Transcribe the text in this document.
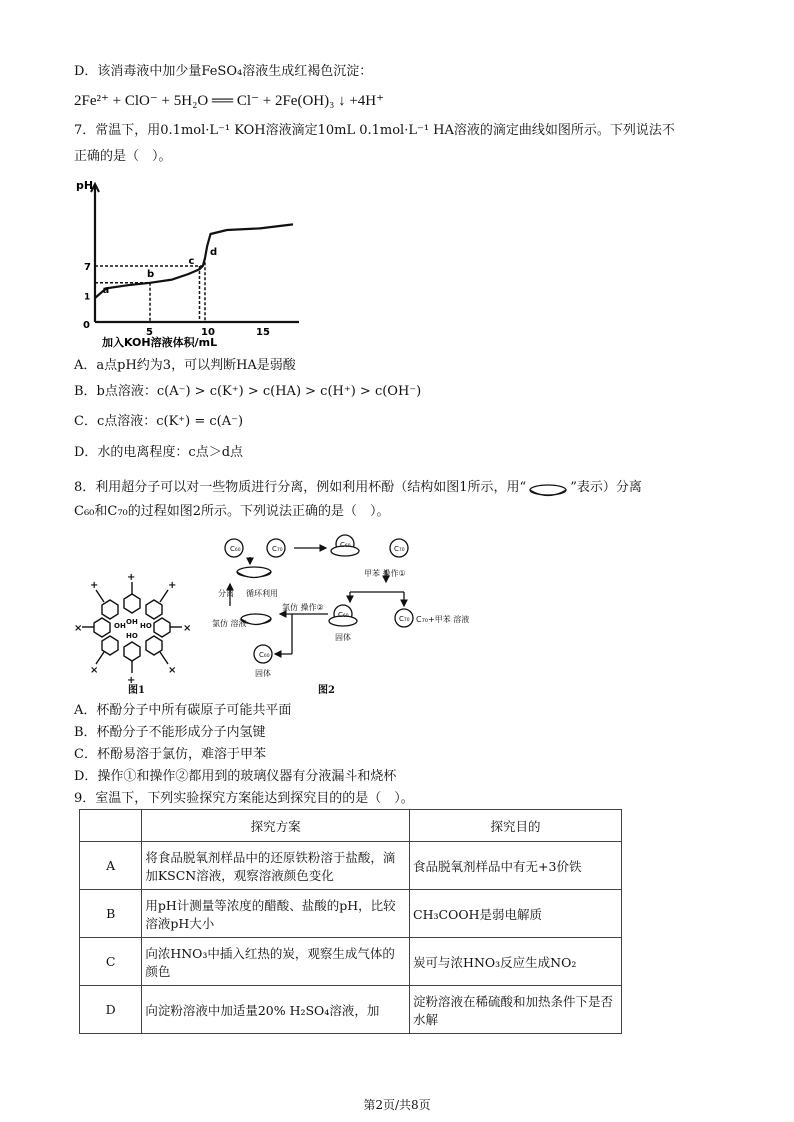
D．该消毒液中加少量FeSO₄溶液生成红褐色沉淀：
2Fe²⁺ + ClO⁻ + 5H₂O ══ Cl⁻ + 2Fe(OH)₃ ↓ +4H⁺
7．常温下，用0.1mol·L⁻¹ KOH溶液滴定10mL 0.1mol·L⁻¹ HA溶液的滴定曲线如图所示。下列说法不
正确的是（　）。
pH
加入KOH溶液体积/mL
0
5	10	15
1
7
a
b
c
d
A．a点pH约为3，可以判断HA是弱酸
B．b点溶液：c(A⁻) > c(K⁺) > c(HA) > c(H⁺) > c(OH⁻)
C．c点溶液：c(K⁺) = c(A⁻)
D．水的电离程度：c点＞d点
8．利用超分子可以对一些物质进行分离，例如利用杯酚（结构如图1所示，用“	”表示）分离
C₆₀和C₇₀的过程如图2所示。下列说法正确的是（　）。
+
+
×	×
+	+
×	×
OH
HO
OH HO
图1
C₆₀	C₇₀	C₆₀	C₇₀
C₆₀
C₆₀	C₇₀
甲苯 操作①
分离 循环利用
氯仿 溶液
氯仿 操作②
固体
固体
C₇₀+甲苯 溶液
图2
A．杯酚分子中所有碳原子可能共平面
B．杯酚分子不能形成分子内氢键
C．杯酚易溶于氯仿，难溶于甲苯
D．操作①和操作②都用到的玻璃仪器有分液漏斗和烧杯
9．室温下，下列实验探究方案能达到探究目的的是（　）。
	探究方案	探究目的
A	将食品脱氧剂样品中的还原铁粉溶于盐酸，滴加KSCN溶液，观察溶液颜色变化	食品脱氧剂样品中有无+3价铁
B	用pH计测量等浓度的醋酸、盐酸的pH，比较溶液pH大小	CH₃COOH是弱电解质
C	向浓HNO₃中插入红热的炭，观察生成气体的颜色	炭可与浓HNO₃反应生成NO₂
D	向淀粉溶液中加适量20% H₂SO₄溶液，加	淀粉溶液在稀硫酸和加热条件下是否水解
第2页/共8页
